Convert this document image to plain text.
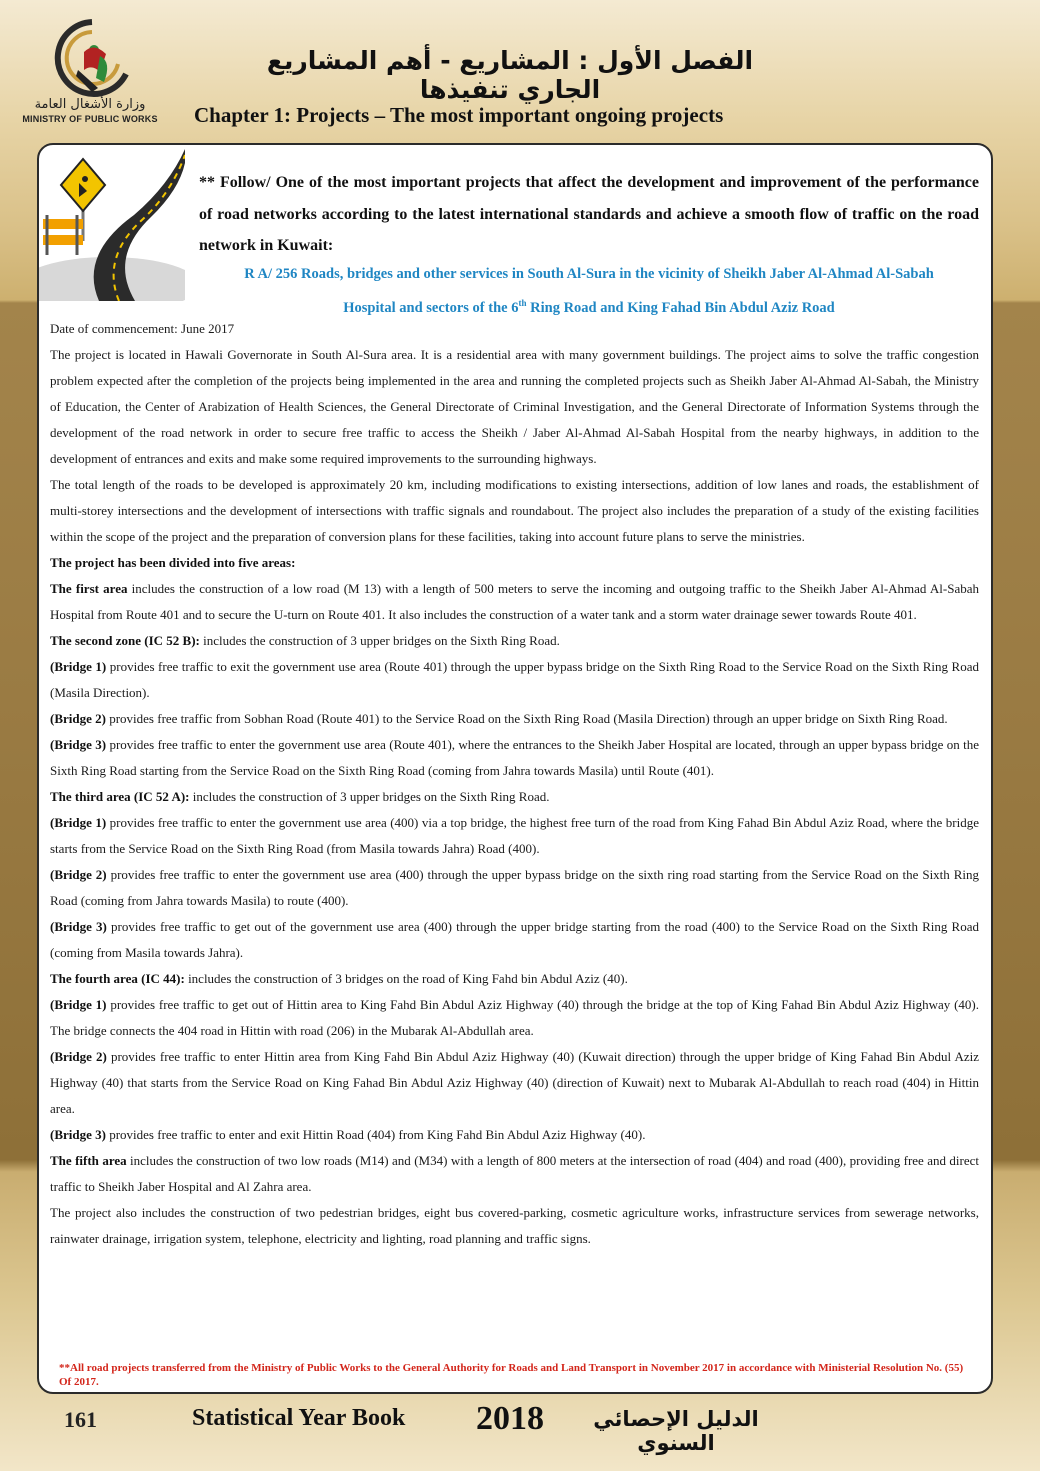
وزارة الأشغال العامة
MINISTRY OF PUBLIC WORKS
الفصل الأول : المشاريع - أهم المشاريع الجاري تنفيذها
Chapter 1: Projects – The most important ongoing projects
** Follow/ One of the most important projects that affect the development and improvement of the performance of road networks according to the latest international standards and achieve a smooth flow of traffic on the road network in Kuwait:
R A/ 256 Roads, bridges and other services in South Al-Sura in the vicinity of Sheikh Jaber Al-Ahmad Al-Sabah
Hospital and sectors of the 6th Ring Road and King Fahad Bin Abdul Aziz Road

Date of commencement: June 2017

The project is located in Hawali Governorate in South Al-Sura area. It is a residential area with many government buildings. The project aims to solve the traffic congestion problem expected after the completion of the projects being implemented in the area and running the completed projects such as Sheikh Jaber Al-Ahmad Al-Sabah, the Ministry of Education, the Center of Arabization of Health Sciences, the General Directorate of Criminal Investigation, and the General Directorate of Information Systems through the development of the road network in order to secure free traffic to access the Sheikh / Jaber Al-Ahmad Al-Sabah Hospital from the nearby highways, in addition to the development of entrances and exits and make some required improvements to the surrounding highways.

The total length of the roads to be developed is approximately 20 km, including modifications to existing intersections, addition of low lanes and roads, the establishment of multi-storey intersections and the development of intersections with traffic signals and roundabout. The project also includes the preparation of a study of the existing facilities within the scope of the project and the preparation of conversion plans for these facilities, taking into account future plans to serve the ministries.

The project has been divided into five areas:

The first area includes the construction of a low road (M 13) with a length of 500 meters to serve the incoming and outgoing traffic to the Sheikh Jaber Al-Ahmad Al-Sabah Hospital from Route 401 and to secure the U-turn on Route 401. It also includes the construction of a water tank and a storm water drainage sewer towards Route 401.

The second zone (IC 52 B): includes the construction of 3 upper bridges on the Sixth Ring Road.

(Bridge 1) provides free traffic to exit the government use area (Route 401) through the upper bypass bridge on the Sixth Ring Road to the Service Road on the Sixth Ring Road (Masila Direction).

(Bridge 2) provides free traffic from Sobhan Road (Route 401) to the Service Road on the Sixth Ring Road (Masila Direction) through an upper bridge on Sixth Ring Road.

(Bridge 3) provides free traffic to enter the government use area (Route 401), where the entrances to the Sheikh Jaber Hospital are located, through an upper bypass bridge on the Sixth Ring Road starting from the Service Road on the Sixth Ring Road (coming from Jahra towards Masila) until Route (401).

The third area (IC 52 A): includes the construction of 3 upper bridges on the Sixth Ring Road.

(Bridge 1) provides free traffic to enter the government use area (400) via a top bridge, the highest free turn of the road from King Fahad Bin Abdul Aziz Road, where the bridge starts from the Service Road on the Sixth Ring Road (from Masila towards Jahra) Road (400).

(Bridge 2) provides free traffic to enter the government use area (400) through the upper bypass bridge on the sixth ring road starting from the Service Road on the Sixth Ring Road (coming from Jahra towards Masila) to route (400).

(Bridge 3) provides free traffic to get out of the government use area (400) through the upper bridge starting from the road (400) to the Service Road on the Sixth Ring Road (coming from Masila towards Jahra).

The fourth area (IC 44): includes the construction of 3 bridges on the road of King Fahd bin Abdul Aziz (40).

(Bridge 1) provides free traffic to get out of Hittin area to King Fahd Bin Abdul Aziz Highway (40) through the bridge at the top of King Fahad Bin Abdul Aziz Highway (40). The bridge connects the 404 road in Hittin with road (206) in the Mubarak Al-Abdullah area.

(Bridge 2) provides free traffic to enter Hittin area from King Fahd Bin Abdul Aziz Highway (40) (Kuwait direction) through the upper bridge of King Fahad Bin Abdul Aziz Highway (40) that starts from the Service Road on King Fahad Bin Abdul Aziz Highway (40) (direction of Kuwait) next to Mubarak Al-Abdullah to reach road (404) in Hittin area.

(Bridge 3) provides free traffic to enter and exit Hittin Road (404) from King Fahd Bin Abdul Aziz Highway (40).

The fifth area includes the construction of two low roads (M14) and (M34) with a length of 800 meters at the intersection of road (404) and road (400), providing free and direct traffic to Sheikh Jaber Hospital and Al Zahra area.

The project also includes the construction of two pedestrian bridges, eight bus covered-parking, cosmetic agriculture works, infrastructure services from sewerage networks, rainwater drainage, irrigation system, telephone, electricity and lighting, road planning and traffic signs.

**All road projects transferred from the Ministry of Public Works to the General Authority for Roads and Land Transport in November 2017 in accordance with Ministerial Resolution No. (55) Of 2017.
161	Statistical Year Book 2018	الدليل الإحصائي السنوي
